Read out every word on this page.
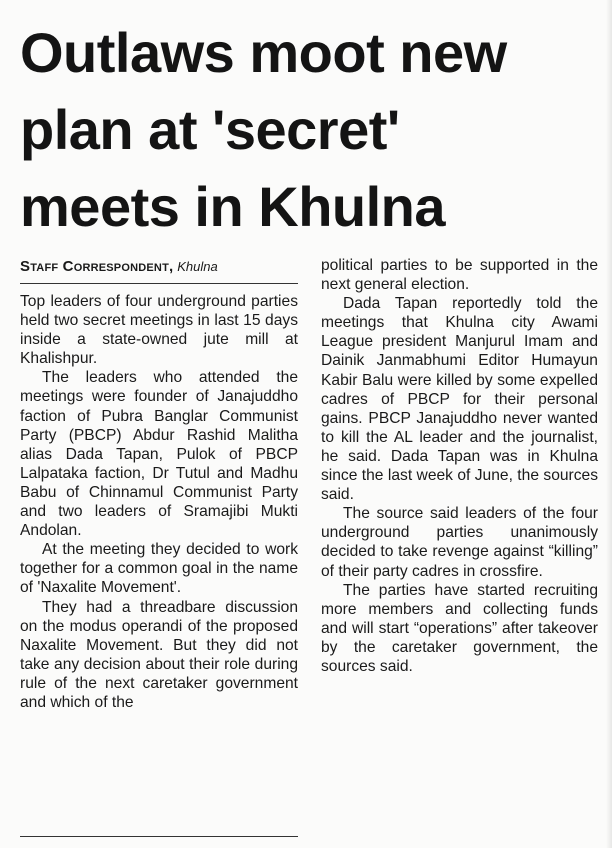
Outlaws moot new
plan at 'secret'
meets in Khulna
Staff Correspondent, Khulna

Top leaders of four underground parties held two secret meetings in last 15 days inside a state-owned jute mill at Khalishpur.

The leaders who attended the meetings were founder of Janajuddho faction of Pubra Banglar Communist Party (PBCP) Abdur Rashid Malitha alias Dada Tapan, Pulok of PBCP Lalpataka faction, Dr Tutul and Madhu Babu of Chinnamul Communist Party and two leaders of Sramajibi Mukti Andolan.

At the meeting they decided to work together for a common goal in the name of 'Naxalite Movement'.

They had a threadbare discussion on the modus operandi of the proposed Naxalite Movement. But they did not take any decision about their role during rule of the next caretaker government and which of the

political parties to be supported in the next general election.

Dada Tapan reportedly told the meetings that Khulna city Awami League president Manjurul Imam and Dainik Janmabhumi Editor Humayun Kabir Balu were killed by some expelled cadres of PBCP for their personal gains. PBCP Janajuddho never wanted to kill the AL leader and the journalist, he said. Dada Tapan was in Khulna since the last week of June, the sources said.

The source said leaders of the four underground parties unanimously decided to take revenge against “killing” of their party cadres in crossfire.

The parties have started recruiting more members and collecting funds and will start “operations” after takeover by the caretaker government, the sources said.
